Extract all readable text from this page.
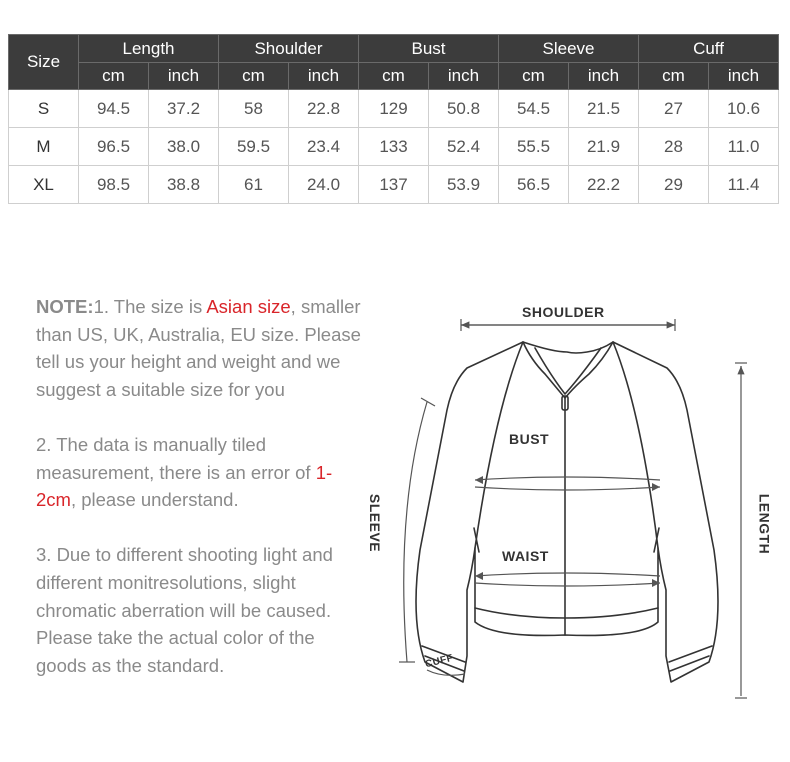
Size	Length		Shoulder		Bust		Sleeve		Cuff	
	cm	inch	cm	inch	cm	inch	cm	inch	cm	inch
S	94.5	37.2	58	22.8	129	50.8	54.5	21.5	27	10.6
M	96.5	38.0	59.5	23.4	133	52.4	55.5	21.9	28	11.0
XL	98.5	38.8	61	24.0	137	53.9	56.5	22.2	29	11.4

NOTE:1. The size is Asian size, smaller than US, UK, Australia, EU size. Please tell us your height and weight and we suggest a suitable size for you

2. The data is manually tiled measurement, there is an error of 1-2cm, please understand.

3. Due to different shooting light and different monitresolutions, slight chromatic aberration will be caused. Please take the actual color of the goods as the standard.

SHOULDER
BUST
WAIST
SLEEVE	LENGTH
CUFF
